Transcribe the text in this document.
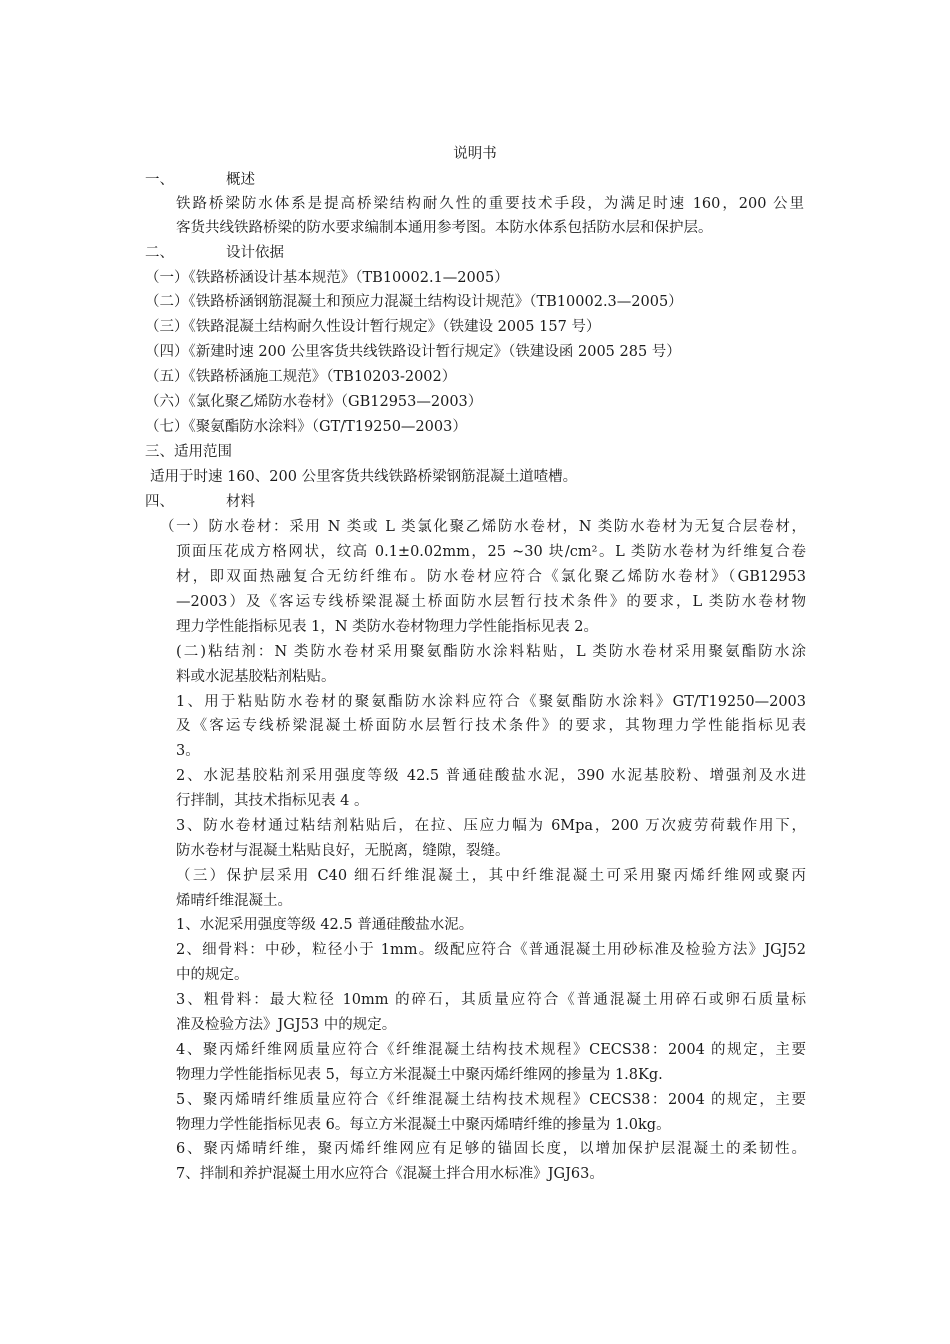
说明书
一、	概述
铁路桥梁防水体系是提高桥梁结构耐久性的重要技术手段，为满足时速 160，200 公里
客货共线铁路桥梁的防水要求编制本通用参考图。本防水体系包括防水层和保护层。
二、	设计依据
（一）《铁路桥涵设计基本规范》（TB10002.1—2005）
（二）《铁路桥涵钢筋混凝土和预应力混凝土结构设计规范》（TB10002.3—2005）
（三）《铁路混凝土结构耐久性设计暂行规定》（铁建设 2005 157 号）
（四）《新建时速 200 公里客货共线铁路设计暂行规定》（铁建设函 2005 285 号）
（五）《铁路桥涵施工规范》（TB10203-2002）
（六）《氯化聚乙烯防水卷材》（GB12953—2003）
（七）《聚氨酯防水涂料》（GT/T19250—2003）
三、适用范围
适用于时速 160、200 公里客货共线铁路桥梁钢筋混凝土道喳槽。
四、	材料
（一）防水卷材：采用 N 类或 L 类氯化聚乙烯防水卷材，N 类防水卷材为无复合层卷材，
顶面压花成方格网状，纹高 0.1±0.02mm，25 ~30 块/cm²。L 类防水卷材为纤维复合卷
材，即双面热融复合无纺纤维布。防水卷材应符合《氯化聚乙烯防水卷材》（GB12953
—2003）及《客运专线桥梁混凝土桥面防水层暂行技术条件》的要求，L 类防水卷材物
理力学性能指标见表 1，N 类防水卷材物理力学性能指标见表 2。
(二)粘结剂：N 类防水卷材采用聚氨酯防水涂料粘贴，L 类防水卷材采用聚氨酯防水涂
料或水泥基胶粘剂粘贴。
1、用于粘贴防水卷材的聚氨酯防水涂料应符合《聚氨酯防水涂料》GT/T19250—2003
及《客运专线桥梁混凝土桥面防水层暂行技术条件》的要求，其物理力学性能指标见表
3。
2、水泥基胶粘剂采用强度等级 42.5 普通硅酸盐水泥，390 水泥基胶粉、增强剂及水进
行拌制，其技术指标见表 4 。
3、防水卷材通过粘结剂粘贴后，在拉、压应力幅为 6Mpa，200 万次疲劳荷载作用下，
防水卷材与混凝土粘贴良好，无脱离，缝隙，裂缝。
（三）保护层采用 C40 细石纤维混凝土，其中纤维混凝土可采用聚丙烯纤维网或聚丙
烯晴纤维混凝土。
1、水泥采用强度等级 42.5 普通硅酸盐水泥。
2、细骨料：中砂，粒径小于 1mm。级配应符合《普通混凝土用砂标准及检验方法》JGJ52
中的规定。
3、粗骨料：最大粒径 10mm 的碎石，其质量应符合《普通混凝土用碎石或卵石质量标
准及检验方法》JGJ53 中的规定。
4、聚丙烯纤维网质量应符合《纤维混凝土结构技术规程》CECS38：2004 的规定，主要
物理力学性能指标见表 5，每立方米混凝土中聚丙烯纤维网的掺量为 1.8Kg.
5、聚丙烯晴纤维质量应符合《纤维混凝土结构技术规程》CECS38：2004 的规定，主要
物理力学性能指标见表 6。每立方米混凝土中聚丙烯晴纤维的掺量为 1.0kg。
6、聚丙烯晴纤维，聚丙烯纤维网应有足够的锚固长度，以增加保护层混凝土的柔韧性。
7、拌制和养护混凝土用水应符合《混凝土拌合用水标准》JGJ63。
